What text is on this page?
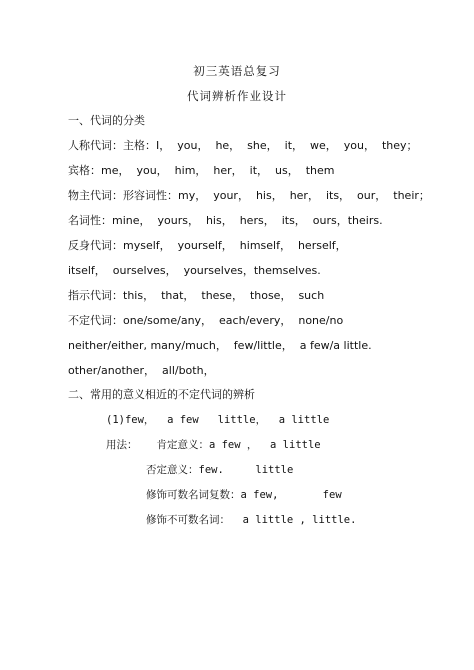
初三英语总复习
代词辨析作业设计
一、代词的分类
人称代词：主格：I，  you，  he，  she，  it，  we，  you，  they；
宾格：me，  you，  him，  her，  it，  us，  them
物主代词：形容词性：my，  your，  his，  her，  its，  our，  their；
名词性：mine，  yours，  his，  hers，  its，  ours，theirs.
反身代词：myself，  yourself，  himself，  herself，
itself，  ourselves，  yourselves，themselves.
指示代词：this，  that，  these，  those，  such
不定代词：one/some/any，  each/every，  none/no
neither/either, many/much，  few/little，  a few/a little.
other/another，  all/both，
二、常用的意义相近的不定代词的辨析
(1)few，  a few   little，  a little
用法：   肯定意义：a few ，  a little
否定意义：few.     little
修饰可数名词复数：a few,       few
修饰不可数名词：  a little , little.
